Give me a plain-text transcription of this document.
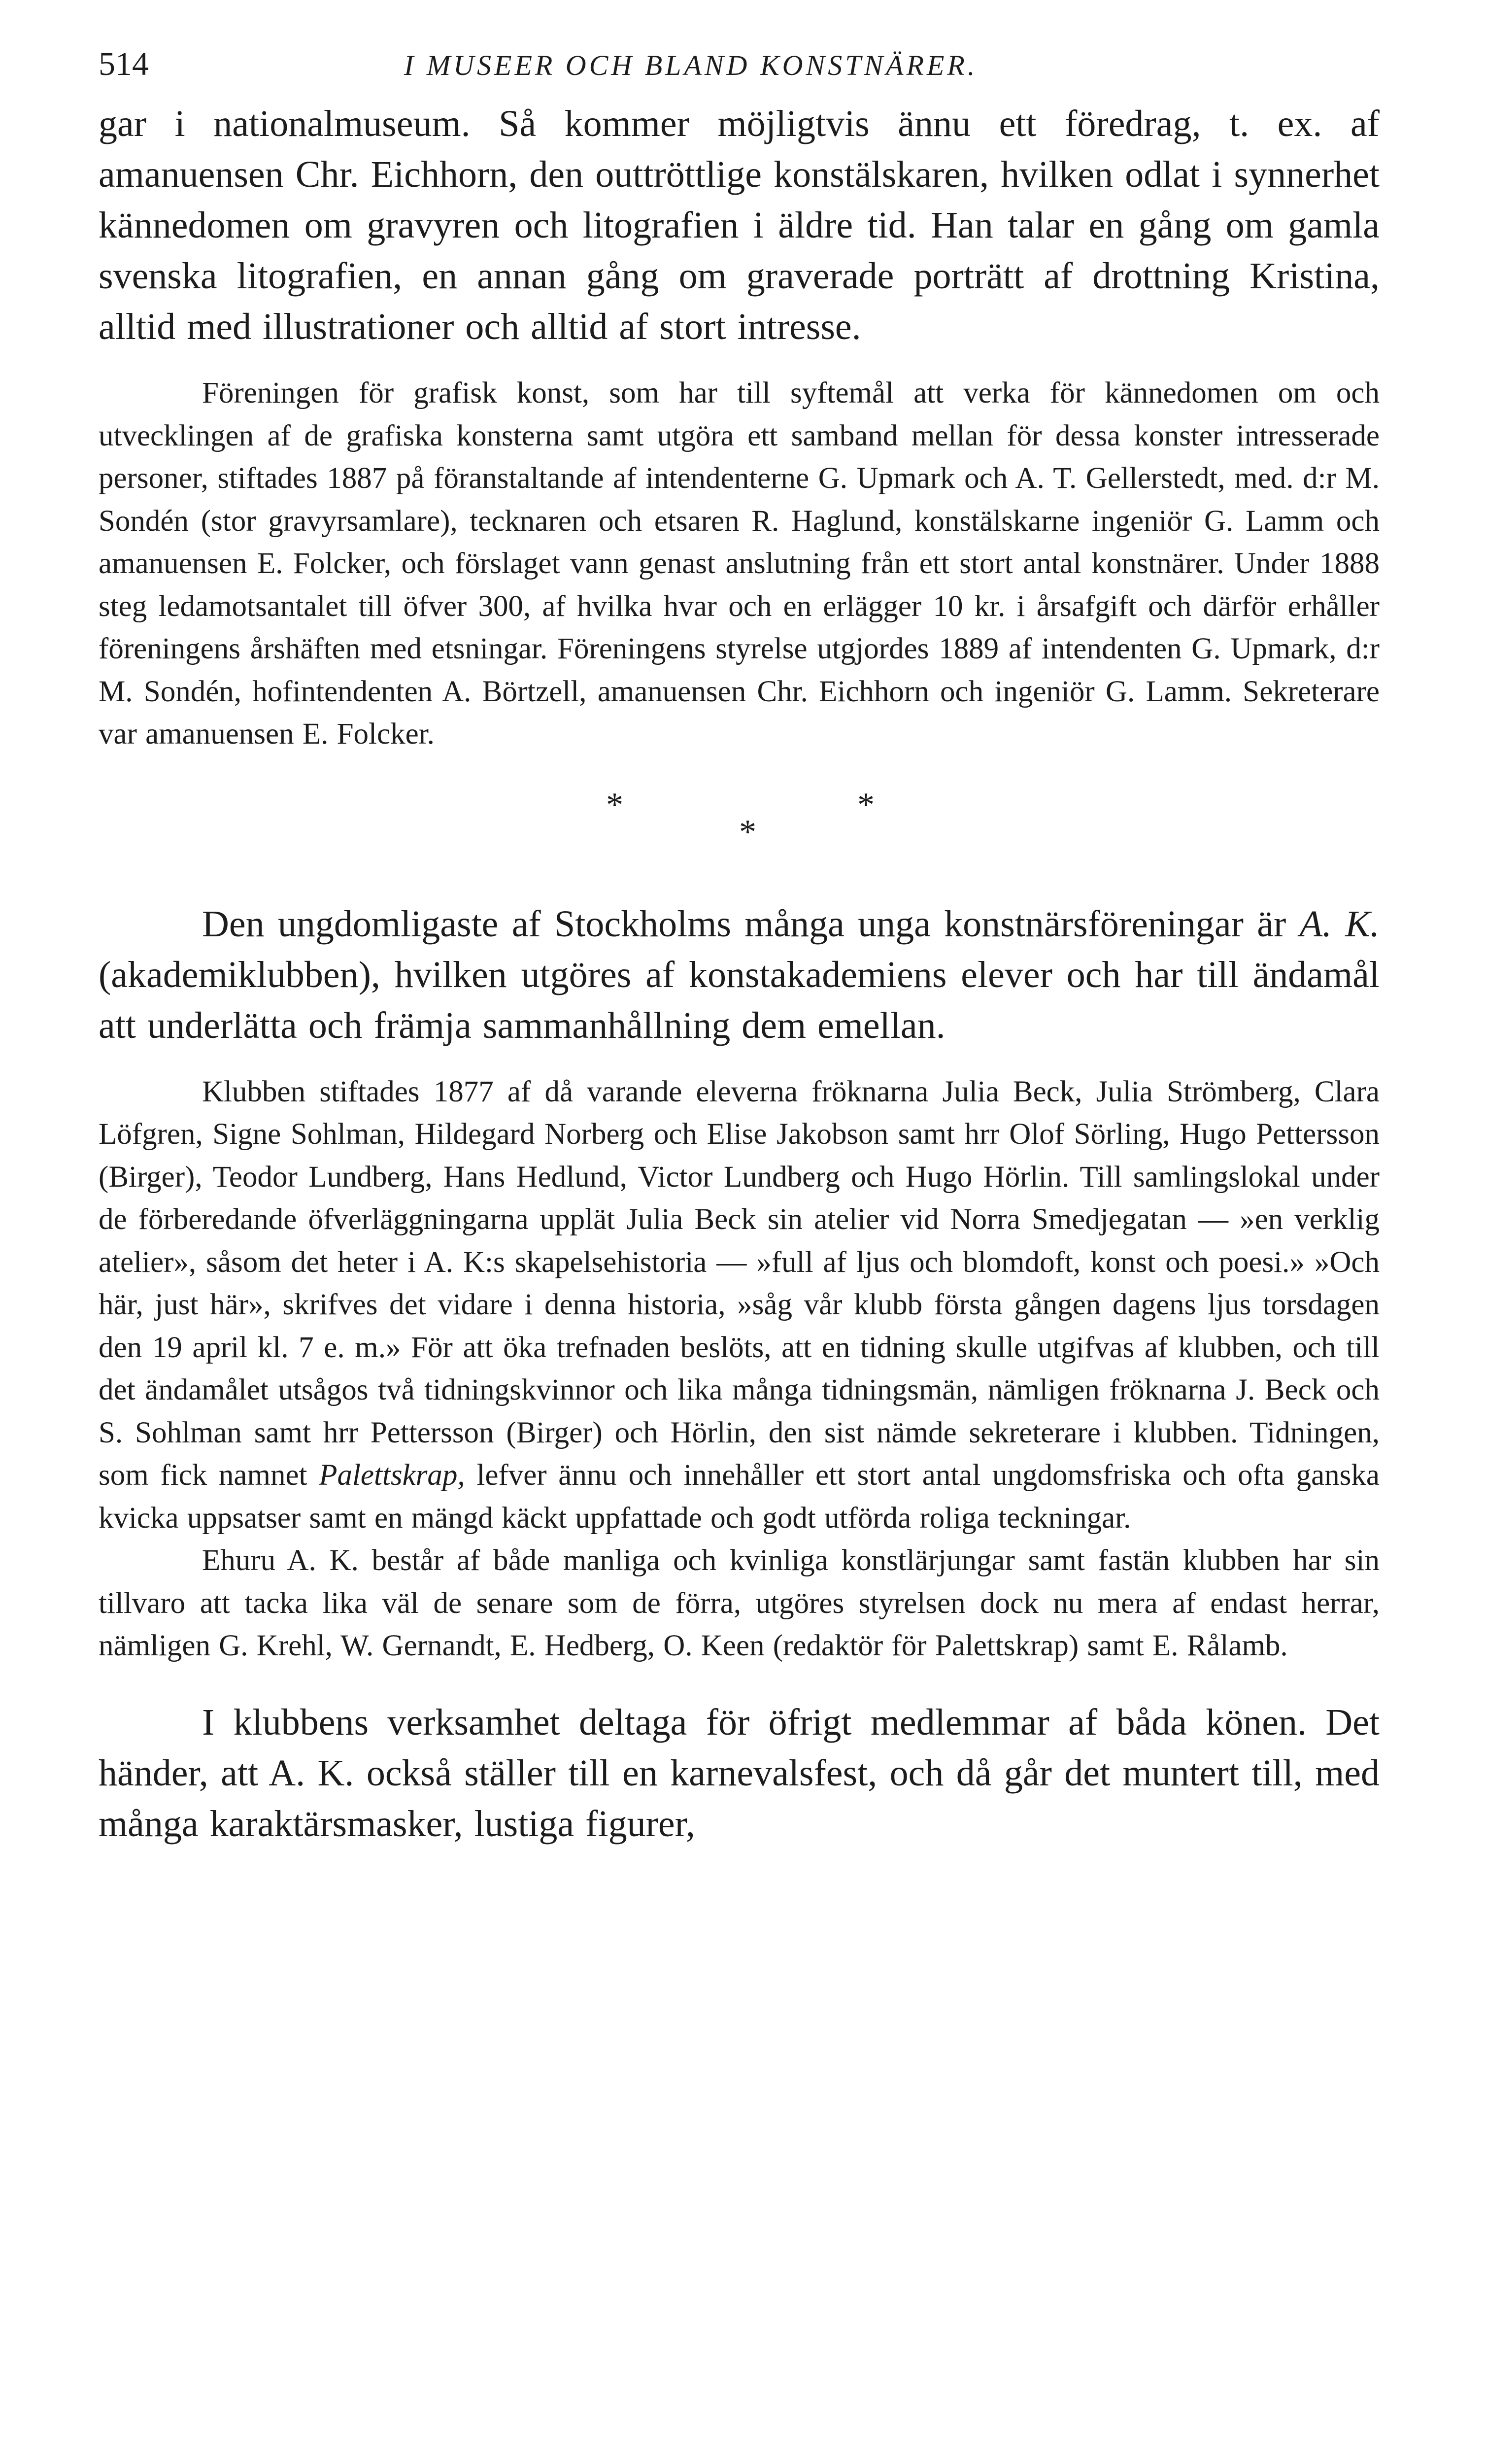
514	I MUSEER OCH BLAND KONSTNÄRER.

gar i nationalmuseum. Så kommer möjligtvis ännu ett föredrag, t. ex. af amanuensen Chr. Eichhorn, den outtröttlige konstälskaren, hvilken odlat i synnerhet kännedomen om gravyren och litografien i äldre tid. Han talar en gång om gamla svenska litografien, en annan gång om graverade porträtt af drottning Kristina, alltid med illustrationer och alltid af stort intresse.

Föreningen för grafisk konst, som har till syftemål att verka för kännedomen om och utvecklingen af de grafiska konsterna samt utgöra ett samband mellan för dessa konster intresserade personer, stiftades 1887 på föranstaltande af intendenterne G. Upmark och A. T. Gellerstedt, med. d:r M. Sondén (stor gravyrsamlare), tecknaren och etsaren R. Haglund, konstälskarne ingeniör G. Lamm och amanuensen E. Folcker, och förslaget vann genast anslutning från ett stort antal konstnärer. Under 1888 steg ledamotsantalet till öfver 300, af hvilka hvar och en erlägger 10 kr. i årsafgift och därför erhåller föreningens årshäften med etsningar. Föreningens styrelse utgjordes 1889 af intendenten G. Upmark, d:r M. Sondén, hofintendenten A. Börtzell, amanuensen Chr. Eichhorn och ingeniör G. Lamm. Sekreterare var amanuensen E. Folcker.

*
*
*

Den ungdomligaste af Stockholms många unga konstnärsföreningar är A. K. (akademiklubben), hvilken utgöres af konstakademiens elever och har till ändamål att underlätta och främja sammanhållning dem emellan.

Klubben stiftades 1877 af då varande eleverna fröknarna Julia Beck, Julia Strömberg, Clara Löfgren, Signe Sohlman, Hildegard Norberg och Elise Jakobson samt hrr Olof Sörling, Hugo Pettersson (Birger), Teodor Lundberg, Hans Hedlund, Victor Lundberg och Hugo Hörlin. Till samlingslokal under de förberedande öfverläggningarna upplät Julia Beck sin atelier vid Norra Smedjegatan — »en verklig atelier», såsom det heter i A. K:s skapelsehistoria — »full af ljus och blomdoft, konst och poesi.» »Och här, just här», skrifves det vidare i denna historia, »såg vår klubb första gången dagens ljus torsdagen den 19 april kl. 7 e. m.» För att öka trefnaden beslöts, att en tidning skulle utgifvas af klubben, och till det ändamålet utsågos två tidningskvinnor och lika många tidningsmän, nämligen fröknarna J. Beck och S. Sohlman samt hrr Pettersson (Birger) och Hörlin, den sist nämde sekreterare i klubben. Tidningen, som fick namnet Palettskrap, lefver ännu och innehåller ett stort antal ungdomsfriska och ofta ganska kvicka uppsatser samt en mängd käckt uppfattade och godt utförda roliga teckningar.

Ehuru A. K. består af både manliga och kvinliga konstlärjungar samt fastän klubben har sin tillvaro att tacka lika väl de senare som de förra, utgöres styrelsen dock nu mera af endast herrar, nämligen G. Krehl, W. Gernandt, E. Hedberg, O. Keen (redaktör för Palettskrap) samt E. Rålamb.

I klubbens verksamhet deltaga för öfrigt medlemmar af båda könen. Det händer, att A. K. också ställer till en karnevalsfest, och då går det muntert till, med många karaktärsmasker, lustiga figurer,
